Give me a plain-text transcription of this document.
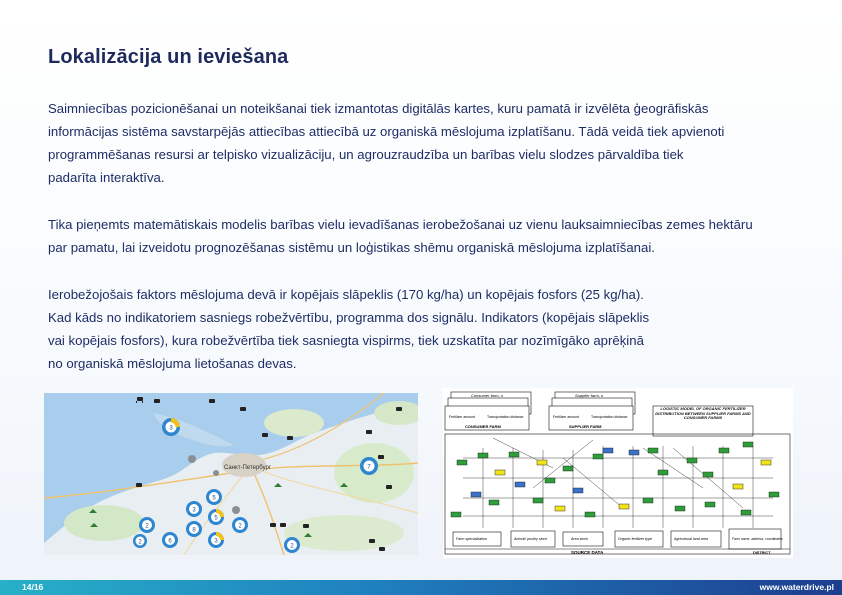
Lokalizācija un ieviešana

Saimniecības pozicionēšanai un noteikšanai tiek izmantotas digitālās kartes, kuru pamatā ir izvēlēta ģeogrāfiskās
informācijas sistēma savstarpējās attiecības attiecībā uz organiskā mēslojuma izplatīšanu. Tādā veidā tiek apvienoti
programmēšanas resursi ar telpisko vizualizāciju, un agrouzraudzība un barības vielu slodzes pārvaldība tiek
padarīta interaktīva.

Tika pieņemts matemātiskais modelis barības vielu ievadīšanas ierobežošanai uz vienu lauksaimniecības zemes hektāru
par pamatu, lai izveidotu prognozēšanas sistēmu un loģistikas shēmu organiskā mēslojuma izplatīšanai.

Ierobežojošais faktors mēslojuma devā ir kopējais slāpeklis (170 kg/ha) un kopējais fosfors (25 kg/ha).
Kad kāds no indikatoriem sasniegs robežvērtību, programma dos signālu. Indikators (kopējais slāpeklis
vai kopējais fosfors), kura robežvērtība tiek sasniegta vispirms, tiek uzskatīta par nozīmīgāko aprēķinā
no organiskā mēslojuma lietošanas devas.

Санкт-Петербург
3
7
5
3
2
8
6
5
2
3
2
2
Consumer farm, n
Fertilizer amount	Transportation distance
CONSUMER FARM
Supplier farm, n
Fertilizer amount	Transportation distance
SUPPLIER FARM
LOGISTIC MODEL OF ORGANIC FERTILIZER DISTRIBUTION BETWEEN SUPPLIER FARMS AND CONSUMER FARMS
Farm specialization	Animal/ poultry stock	Area stock	Organic fertilizer type	Agricultural land area	Farm name, address, coordinates
SOURCE DATA	DISTRICT
14/16	www.waterdrive.pl
